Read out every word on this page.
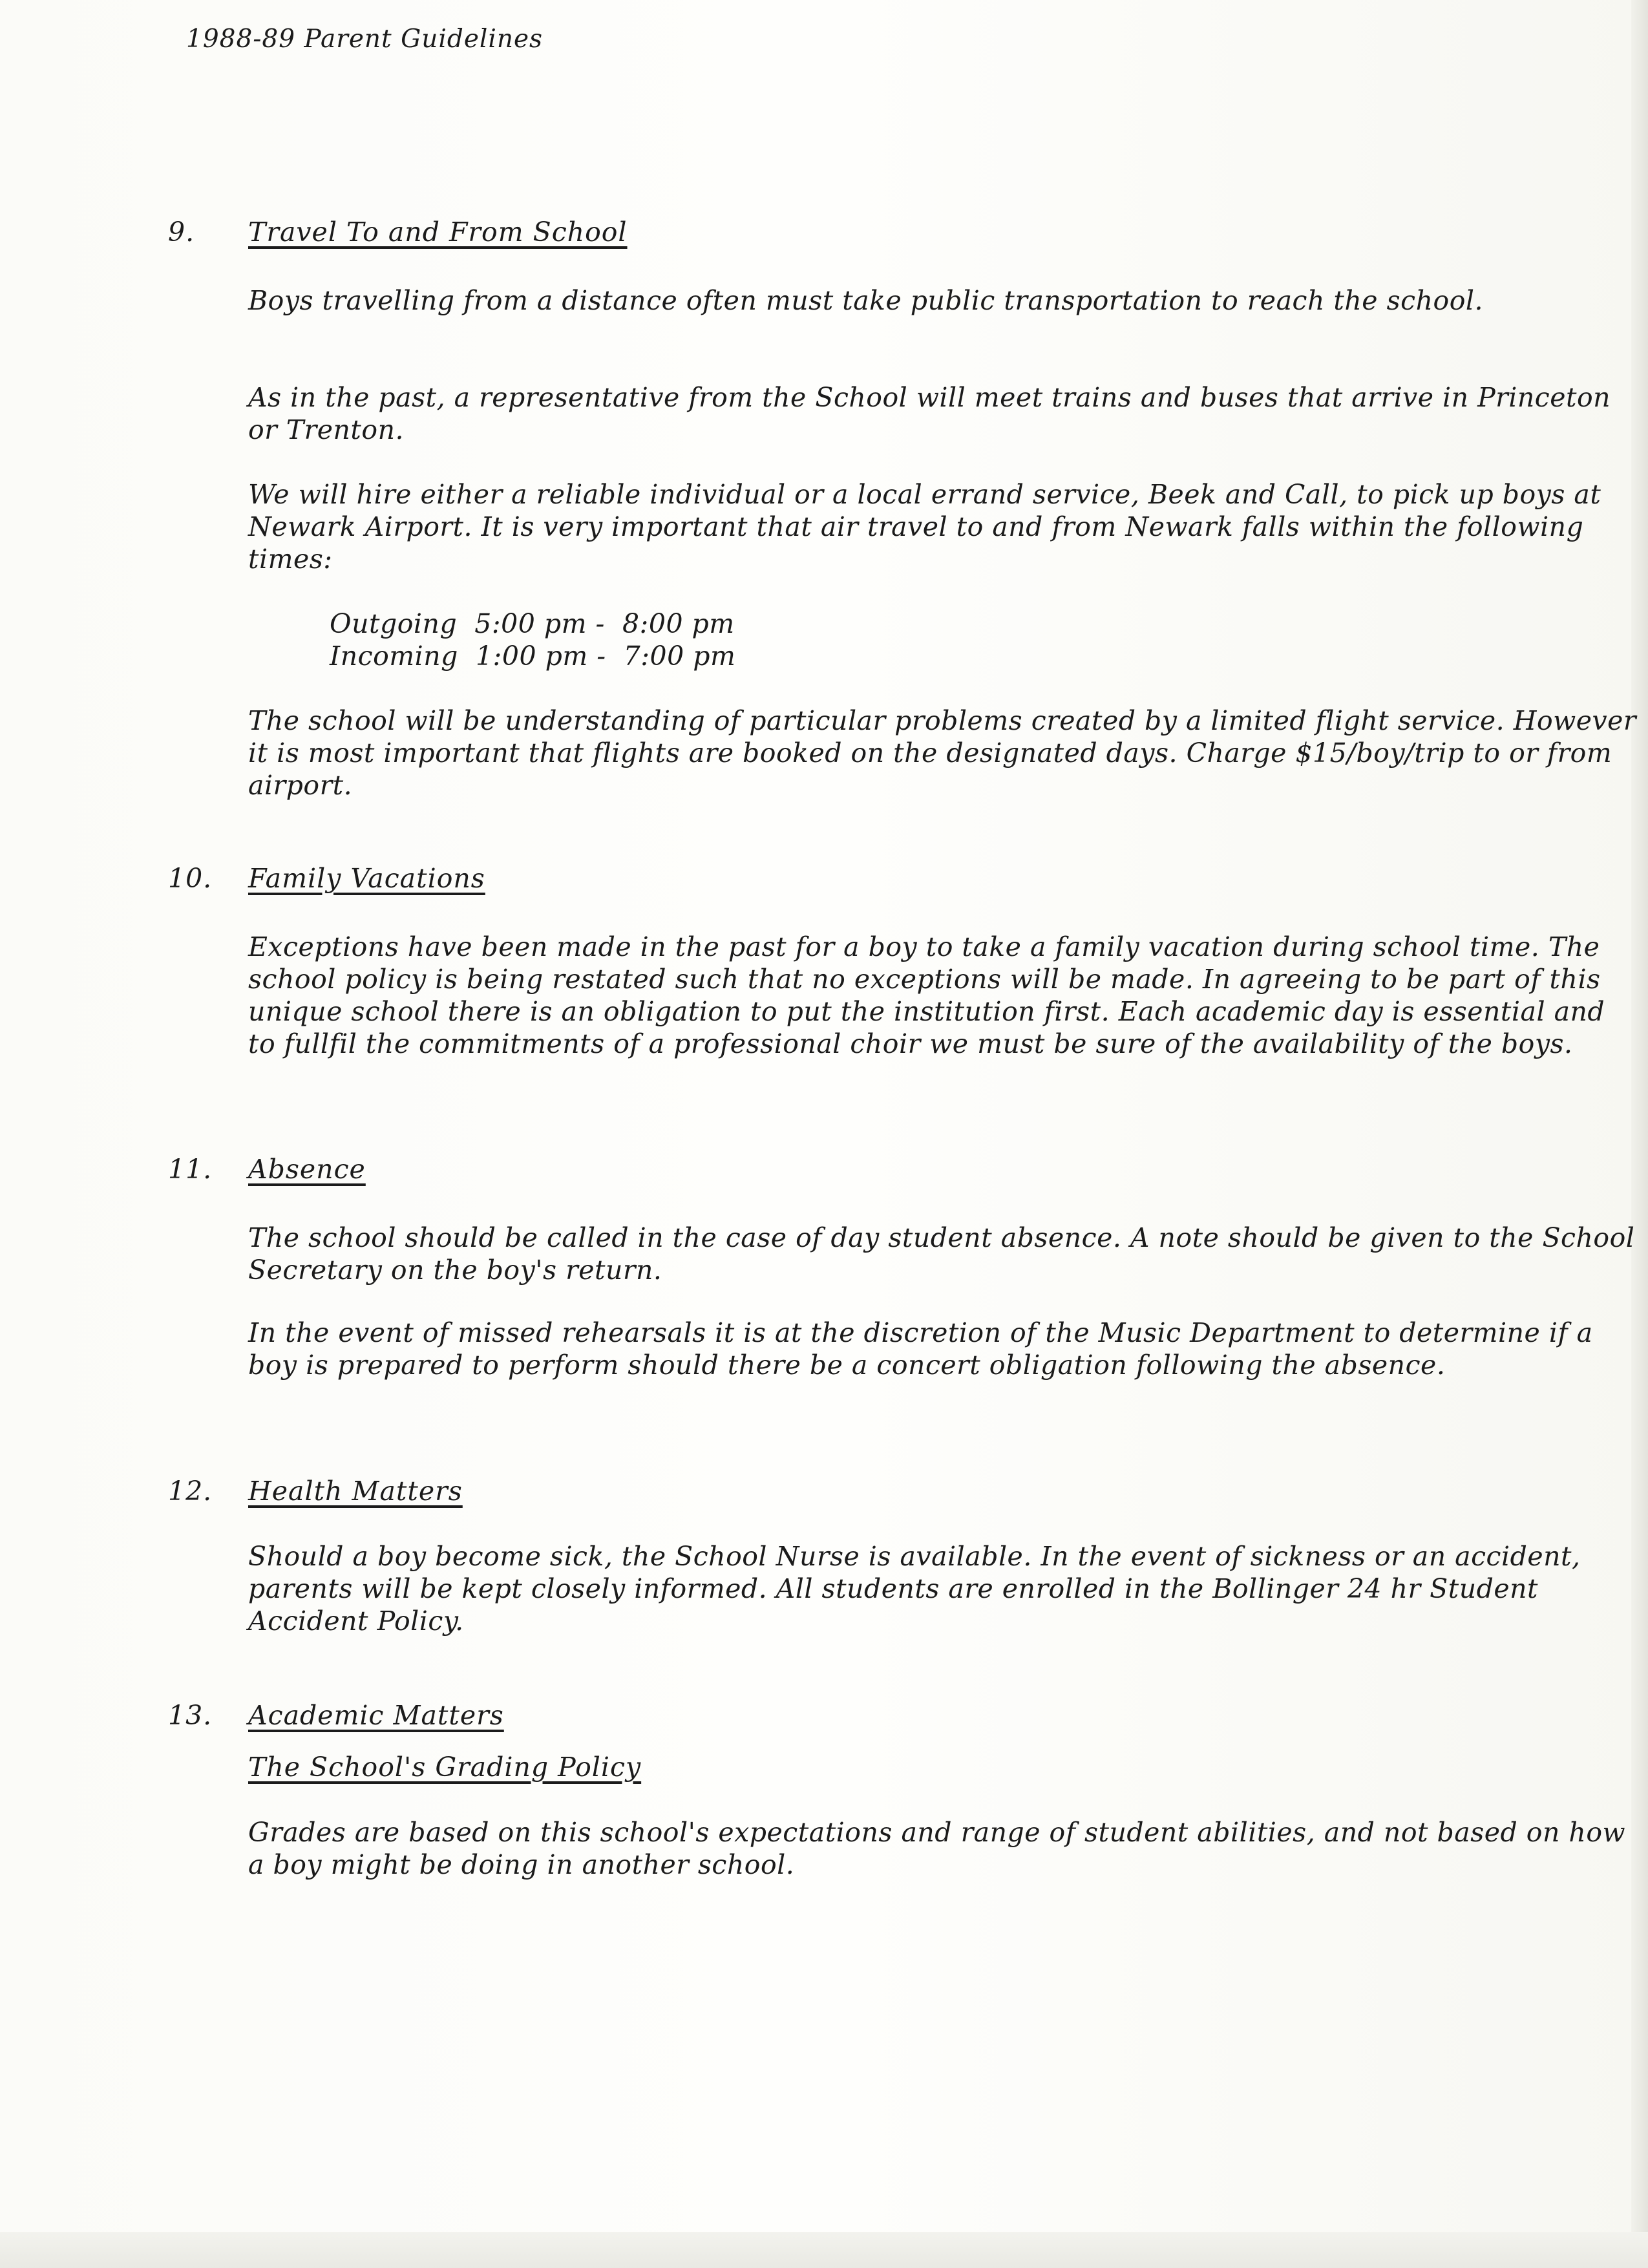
1988-89 Parent Guidelines
9. Travel To and From School
Boys travelling from a distance often must take public transportation to reach the school.
As in the past, a representative from the School will meet trains and buses that arrive in Princeton or Trenton.
We will hire either a reliable individual or a local errand service, Beek and Call, to pick up boys at Newark Airport. It is very important that air travel to and from Newark falls within the following times:
Outgoing 5:00 pm -  8:00 pm
Incoming 1:00 pm -  7:00 pm
The school will be understanding of particular problems created by a limited flight service. However it is most important that flights are booked on the designated days. Charge $15/boy/trip to or from airport.
10. Family Vacations
Exceptions have been made in the past for a boy to take a family vacation during school time. The school policy is being restated such that no exceptions will be made. In agreeing to be part of this unique school there is an obligation to put the institution first. Each academic day is essential and to fullfil the commitments of a professional choir we must be sure of the availability of the boys.
11. Absence
The school should be called in the case of day student absence. A note should be given to the School Secretary on the boy's return.
In the event of missed rehearsals it is at the discretion of the Music Department to determine if a boy is prepared to perform should there be a concert obligation following the absence.
12. Health Matters
Should a boy become sick, the School Nurse is available. In the event of sickness or an accident, parents will be kept closely informed. All students are enrolled in the Bollinger 24 hr Student Accident Policy.
13. Academic Matters
The School's Grading Policy
Grades are based on this school's expectations and range of student abilities, and not based on how a boy might be doing in another school.
